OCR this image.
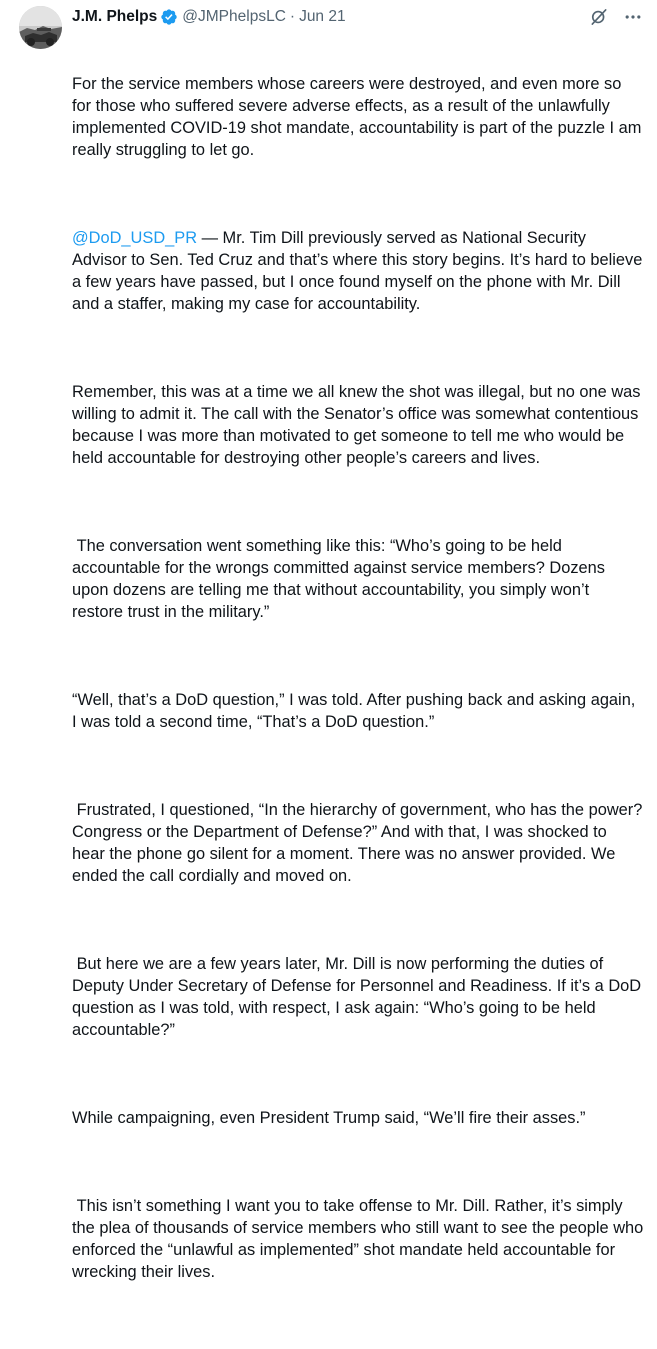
J.M. Phelps @JMPhelpsLC · Jun 21

For the service members whose careers were destroyed, and even more so for those who suffered severe adverse effects, as a result of the unlawfully implemented COVID-19 shot mandate, accountability is part of the puzzle I am really struggling to let go.

@DoD_USD_PR — Mr. Tim Dill previously served as National Security Advisor to Sen. Ted Cruz and that’s where this story begins. It’s hard to believe a few years have passed, but I once found myself on the phone with Mr. Dill and a staffer, making my case for accountability.

Remember, this was at a time we all knew the shot was illegal, but no one was willing to admit it. The call with the Senator’s office was somewhat contentious because I was more than motivated to get someone to tell me who would be held accountable for destroying other people’s careers and lives.

The conversation went something like this: “Who’s going to be held accountable for the wrongs committed against service members? Dozens upon dozens are telling me that without accountability, you simply won’t restore trust in the military.”

“Well, that’s a DoD question,” I was told. After pushing back and asking again, I was told a second time, “That’s a DoD question.”

Frustrated, I questioned, “In the hierarchy of government, who has the power? Congress or the Department of Defense?” And with that, I was shocked to hear the phone go silent for a moment. There was no answer provided. We ended the call cordially and moved on.

But here we are a few years later, Mr. Dill is now performing the duties of Deputy Under Secretary of Defense for Personnel and Readiness. If it’s a DoD question as I was told, with respect, I ask again: “Who’s going to be held accountable?”

While campaigning, even President Trump said, “We’ll fire their asses.”

This isn’t something I want you to take offense to Mr. Dill. Rather, it’s simply the plea of thousands of service members who still want to see the people who enforced the “unlawful as implemented” shot mandate held accountable for wrecking their lives.
